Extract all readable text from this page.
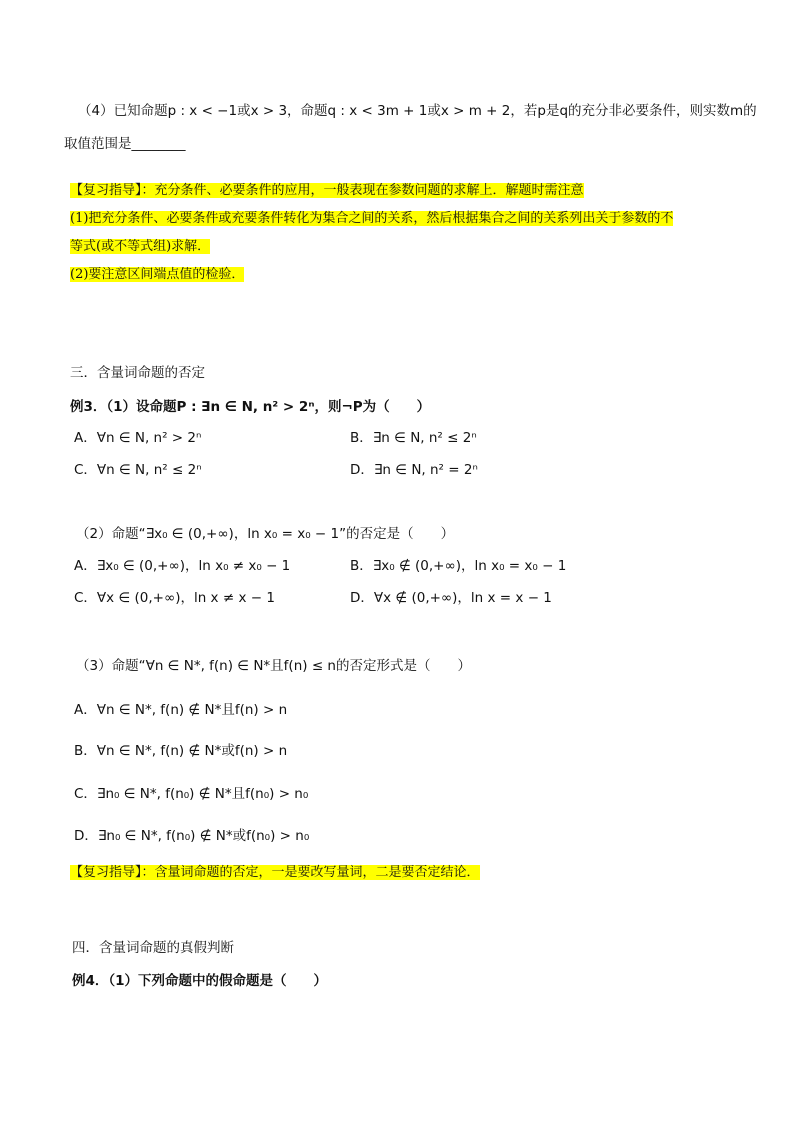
（4）已知命题p : x < −1或x > 3，命题q : x < 3m + 1或x > m + 2，若p是q的充分非必要条件，则实数m的
取值范围是________
【复习指导】：充分条件、必要条件的应用，一般表现在参数问题的求解上．解题时需注意
(1)把充分条件、必要条件或充要条件转化为集合之间的关系，然后根据集合之间的关系列出关于参数的不
等式(或不等式组)求解．
(2)要注意区间端点值的检验．
三．含量词命题的否定
例3．（1）设命题P : ∃n ∈ N, n² > 2ⁿ，则¬P为（　　）
A．∀n ∈ N, n² > 2ⁿ	B．∃n ∈ N, n² ≤ 2ⁿ
C．∀n ∈ N, n² ≤ 2ⁿ	D．∃n ∈ N, n² = 2ⁿ
（2）命题“∃x₀ ∈ (0,+∞)，ln x₀ = x₀ − 1”的否定是（　　）
A．∃x₀ ∈ (0,+∞)，ln x₀ ≠ x₀ − 1	B．∃x₀ ∉ (0,+∞)，ln x₀ = x₀ − 1
C．∀x ∈ (0,+∞)，ln x ≠ x − 1	D．∀x ∉ (0,+∞)，ln x = x − 1
（3）命题“∀n ∈ N*, f(n) ∈ N*且f(n) ≤ n的否定形式是（　　）
A．∀n ∈ N*, f(n) ∉ N*且f(n) > n
B．∀n ∈ N*, f(n) ∉ N*或f(n) > n
C．∃n₀ ∈ N*, f(n₀) ∉ N*且f(n₀) > n₀
D．∃n₀ ∈ N*, f(n₀) ∉ N*或f(n₀) > n₀
【复习指导】：含量词命题的否定，一是要改写量词，二是要否定结论．
四．含量词命题的真假判断
例4．（1）下列命题中的假命题是（　　）
